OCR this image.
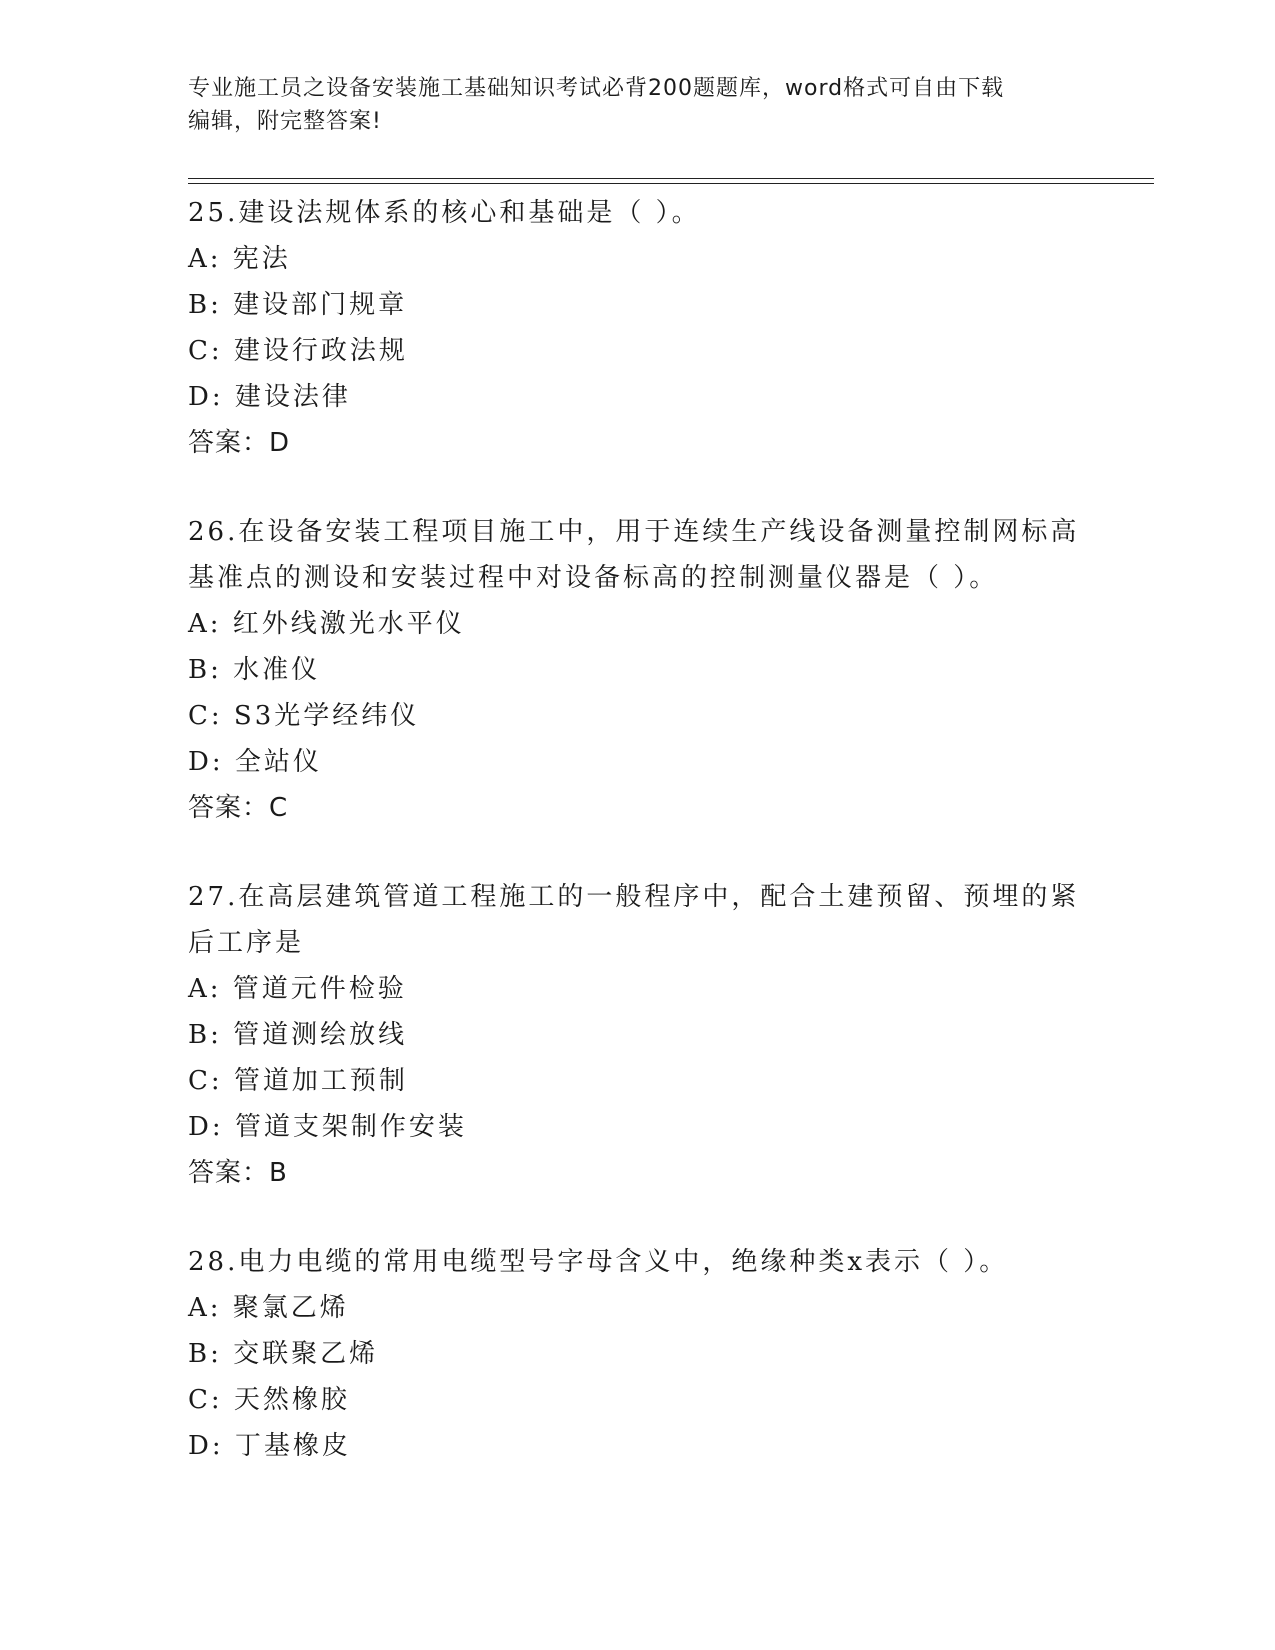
专业施工员之设备安装施工基础知识考试必背200题题库，word格式可自由下载
编辑，附完整答案!

25.建设法规体系的核心和基础是（ ）。

A: 宪法

B: 建设部门规章

C: 建设行政法规

D: 建设法律

答案：D

26.在设备安装工程项目施工中，用于连续生产线设备测量控制网标高

基准点的测设和安装过程中对设备标高的控制测量仪器是（ ）。

A: 红外线激光水平仪

B: 水准仪

C: S3光学经纬仪

D: 全站仪

答案：C

27.在高层建筑管道工程施工的一般程序中，配合土建预留、预埋的紧

后工序是

A: 管道元件检验

B: 管道测绘放线

C: 管道加工预制

D: 管道支架制作安装

答案：B

28.电力电缆的常用电缆型号字母含义中，绝缘种类x表示（ ）。

A: 聚氯乙烯

B: 交联聚乙烯

C: 天然橡胶

D: 丁基橡皮
